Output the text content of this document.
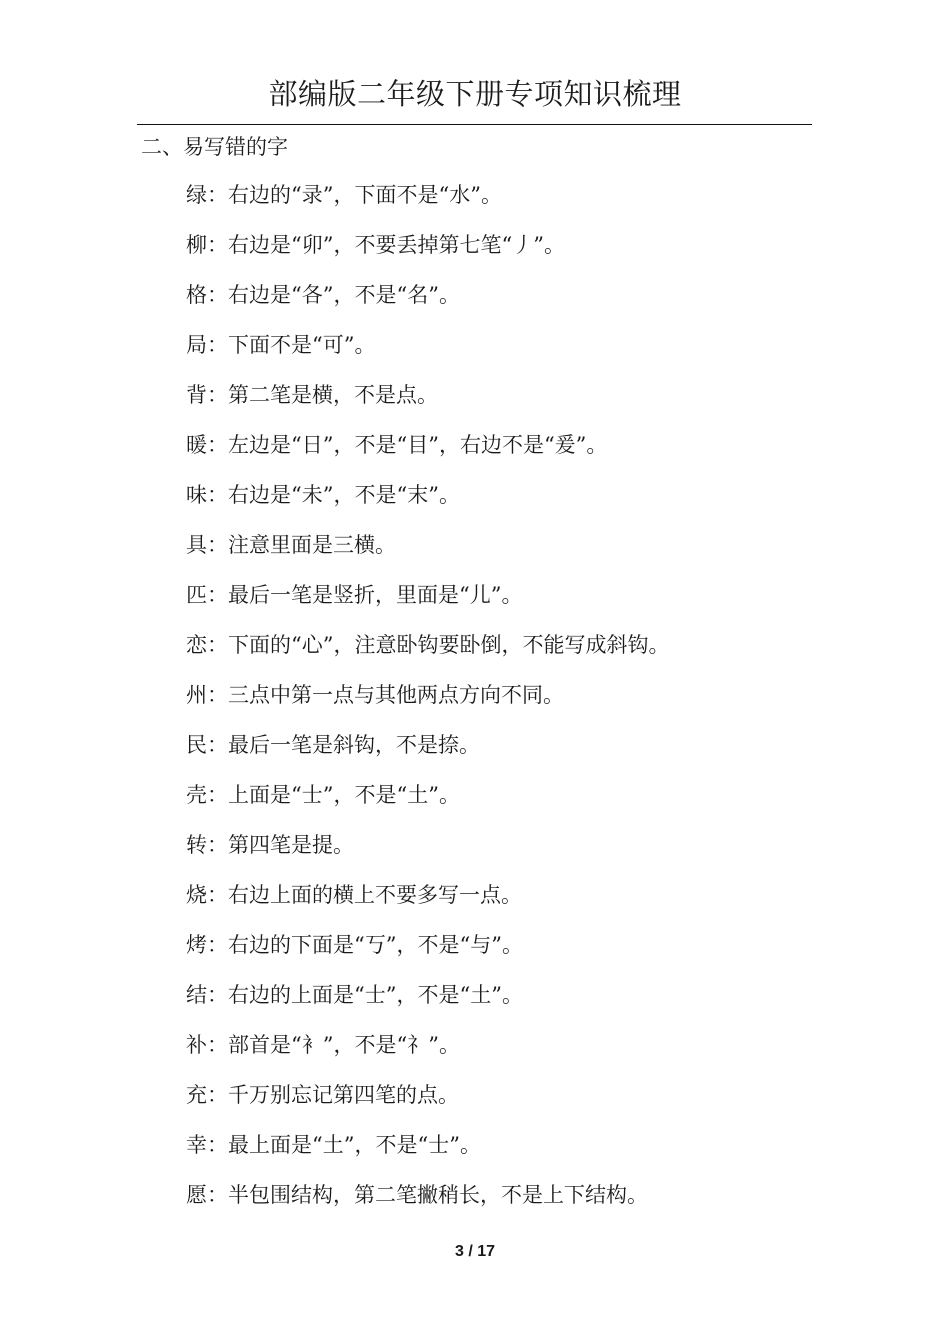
部编版二年级下册专项知识梳理
二、易写错的字
绿：右边的“录”，下面不是“水”。
柳：右边是“卯”，不要丢掉第七笔“丿”。
格：右边是“各”，不是“名”。
局：下面不是“可”。
背：第二笔是横，不是点。
暖：左边是“日”，不是“目”，右边不是“爰”。
味：右边是“未”，不是“末”。
具：注意里面是三横。
匹：最后一笔是竖折，里面是“儿”。
恋：下面的“心”，注意卧钩要卧倒，不能写成斜钩。
州：三点中第一点与其他两点方向不同。
民：最后一笔是斜钩，不是捺。
壳：上面是“士”，不是“土”。
转：第四笔是提。
烧：右边上面的横上不要多写一点。
烤：右边的下面是“丂”，不是“与”。
结：右边的上面是“士”，不是“土”。
补：部首是“衤”，不是“礻”。
充：千万别忘记第四笔的点。
幸：最上面是“土”，不是“士”。
愿：半包围结构，第二笔撇稍长，不是上下结构。
3 / 17
